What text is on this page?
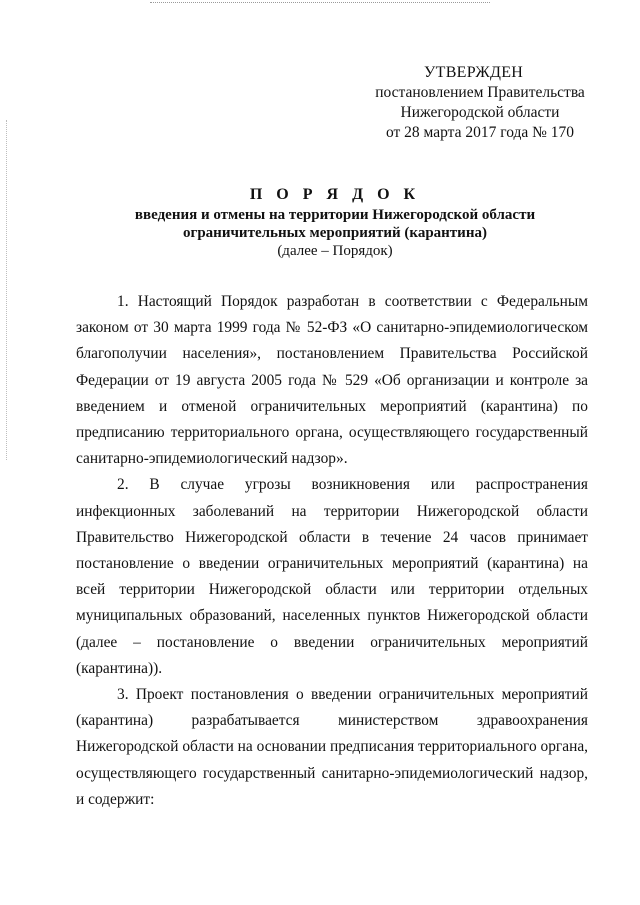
УТВЕРЖДЕН
постановлением Правительства
Нижегородской области
от 28 марта 2017 года № 170
П О Р Я Д О К
введения и отмены на территории Нижегородской области
ограничительных мероприятий (карантина)
(далее – Порядок)

1. Настоящий Порядок разработан в соответствии с Федеральным законом от 30 марта 1999 года № 52-ФЗ «О санитарно-эпидемиологическом благополучии населения», постановлением Правительства Российской Федерации от 19 августа 2005 года № 529 «Об организации и контроле за введением и отменой ограничительных мероприятий (карантина) по предписанию территориального органа, осуществляющего государственный санитарно-эпидемиологический надзор».

2. В случае угрозы возникновения или распространения инфекционных заболеваний на территории Нижегородской области Правительство Нижегородской области в течение 24 часов принимает постановление о введении ограничительных мероприятий (карантина) на всей территории Нижегородской области или территории отдельных муниципальных образований, населенных пунктов Нижегородской области (далее – постановление о введении ограничительных мероприятий (карантина)).

3. Проект постановления о введении ограничительных мероприятий (карантина) разрабатывается министерством здравоохранения Нижегородской области на основании предписания территориального органа, осуществляющего государственный санитарно-эпидемиологический надзор, и содержит:
